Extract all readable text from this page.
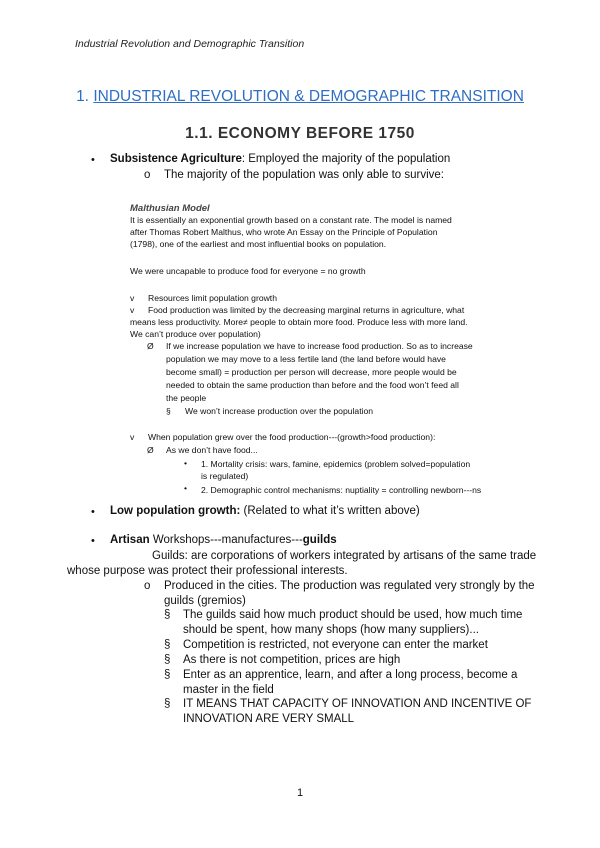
Industrial Revolution and Demographic Transition
1. INDUSTRIAL REVOLUTION & DEMOGRAPHIC TRANSITION
1.1. ECONOMY BEFORE 1750
• Subsistence Agriculture: Employed the majority of the population
o The majority of the population was only able to survive:
Malthusian Model
It is essentially an exponential growth based on a constant rate. The model is named
after Thomas Robert Malthus, who wrote An Essay on the Principle of Population
(1798), one of the earliest and most influential books on population.
We were uncapable to produce food for everyone = no growth
v Resources limit population growth
v Food production was limited by the decreasing marginal returns in agriculture, what
means less productivity. More≠ people to obtain more food. Produce less with more land.
We can’t produce over population)
Ø If we increase population we have to increase food production. So as to increase
population we may move to a less fertile land (the land before would have
become small) = production per person will decrease, more people would be
needed to obtain the same production than before and the food won’t feed all
the people
§ We won’t increase production over the population
v When population grew over the food production---(growth>food production):
Ø As we don’t have food...
• 1. Mortality crisis: wars, famine, epidemics (problem solved=population
is regulated)
• 2. Demographic control mechanisms: nuptiality = controlling newborn---ns
• Low population growth: (Related to what it’s written above)
• Artisan Workshops---manufactures---guilds
Guilds: are corporations of workers integrated by artisans of the same trade
whose purpose was protect their professional interests.
o Produced in the cities. The production was regulated very strongly by the
guilds (gremios)
§ The guilds said how much product should be used, how much time
should be spent, how many shops (how many suppliers)...
§ Competition is restricted, not everyone can enter the market
§ As there is not competition, prices are high
§ Enter as an apprentice, learn, and after a long process, become a
master in the field
§ IT MEANS THAT CAPACITY OF INNOVATION AND INCENTIVE OF
INNOVATION ARE VERY SMALL
1
